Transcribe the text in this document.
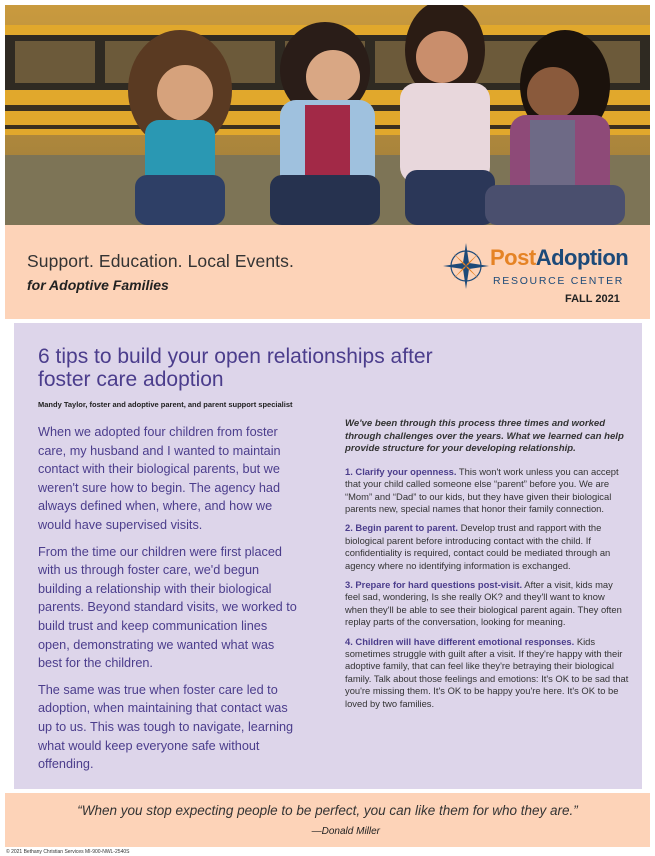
Support. Education. Local Events.
for Adoptive Families
PostAdoption
RESOURCE CENTER
FALL 2021
6 tips to build your open relationships after foster care adoption
Mandy Taylor, foster and adoptive parent, and parent support specialist

When we adopted four children from foster care, my husband and I wanted to maintain contact with their biological parents, but we weren't sure how to begin. The agency had always defined when, where, and how we would have supervised visits.

From the time our children were first placed with us through foster care, we'd begun building a relationship with their biological parents. Beyond standard visits, we worked to build trust and keep communication lines open, demonstrating we wanted what was best for the children.

The same was true when foster care led to adoption, when maintaining that contact was up to us. This was tough to navigate, learning what would keep everyone safe without offending.

We've been through this process three times and worked through challenges over the years. What we learned can help provide structure for your developing relationship.

1. Clarify your openness. This won't work unless you can accept that your child called someone else “parent” before you. We are “Mom” and “Dad” to our kids, but they have given their biological parents new, special names that honor their family connection.

2. Begin parent to parent. Develop trust and rapport with the biological parent before introducing contact with the child. If confidentiality is required, contact could be mediated through an agency where no identifying information is exchanged.

3. Prepare for hard questions post-visit. After a visit, kids may feel sad, wondering, Is she really OK? and they'll want to know when they'll be able to see their biological parent again. They often replay parts of the conversation, looking for meaning.

4. Children will have different emotional responses. Kids sometimes struggle with guilt after a visit. If they're happy with their adoptive family, that can feel like they're betraying their biological family. Talk about those feelings and emotions: It's OK to be sad that you're missing them. It's OK to be happy you're here. It's OK to be loved by two families.

“When you stop expecting people to be perfect, you can like them for who they are.”
—Donald Miller
© 2021 Bethany Christian Services MI-900-NWL-2540S
